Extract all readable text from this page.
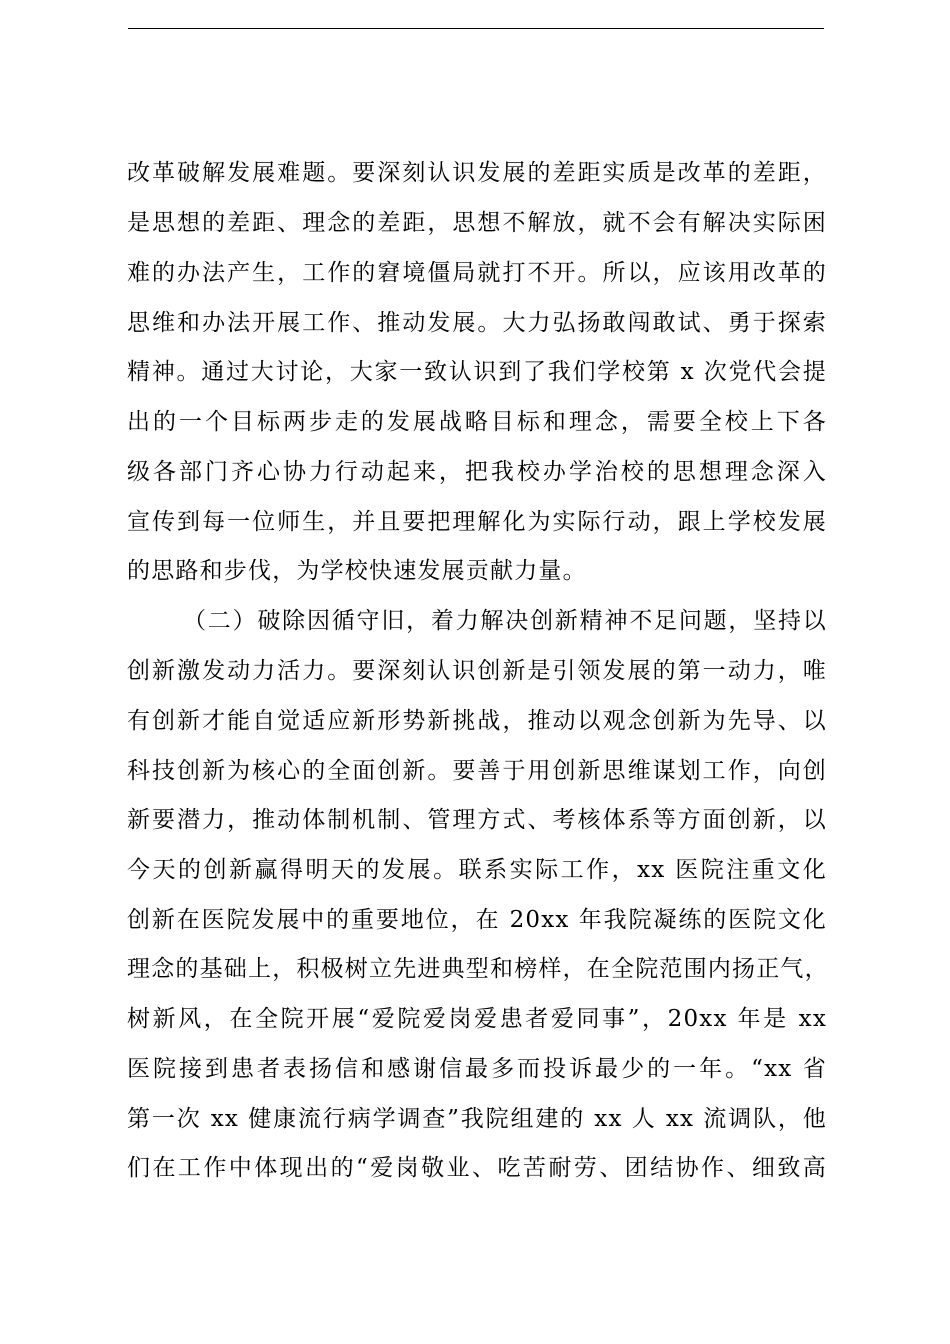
改革破解发展难题。要深刻认识发展的差距实质是改革的差距，
是思想的差距、理念的差距，思想不解放，就不会有解决实际困
难的办法产生，工作的窘境僵局就打不开。所以，应该用改革的
思维和办法开展工作、推动发展。大力弘扬敢闯敢试、勇于探索
精神。通过大讨论，大家一致认识到了我们学校第 x 次党代会提
出的一个目标两步走的发展战略目标和理念，需要全校上下各
级各部门齐心协力行动起来，把我校办学治校的思想理念深入
宣传到每一位师生，并且要把理解化为实际行动，跟上学校发展
的思路和步伐，为学校快速发展贡献力量。
（二）破除因循守旧，着力解决创新精神不足问题，坚持以
创新激发动力活力。要深刻认识创新是引领发展的第一动力，唯
有创新才能自觉适应新形势新挑战，推动以观念创新为先导、以
科技创新为核心的全面创新。要善于用创新思维谋划工作，向创
新要潜力，推动体制机制、管理方式、考核体系等方面创新，以
今天的创新赢得明天的发展。联系实际工作，xx 医院注重文化
创新在医院发展中的重要地位，在 20xx 年我院凝练的医院文化
理念的基础上，积极树立先进典型和榜样，在全院范围内扬正气，
树新风，在全院开展“爱院爱岗爱患者爱同事”，20xx 年是 xx
医院接到患者表扬信和感谢信最多而投诉最少的一年。“xx 省
第一次 xx 健康流行病学调查”我院组建的 xx 人 xx 流调队，他
们在工作中体现出的“爱岗敬业、吃苦耐劳、团结协作、细致高
